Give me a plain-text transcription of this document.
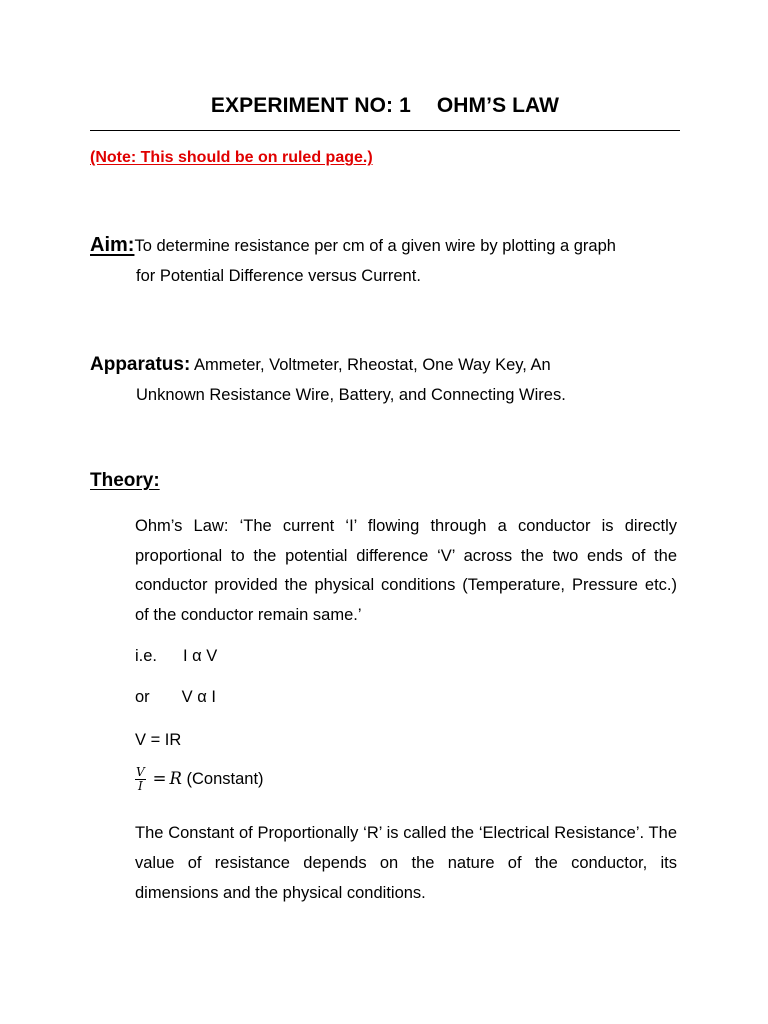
EXPERIMENT NO: 1 OHM’S LAW
(Note: This should be on ruled page.)
Aim:To determine resistance per cm of a given wire by plotting a graph
for Potential Difference versus Current.
Apparatus: Ammeter, Voltmeter, Rheostat, One Way Key, An
Unknown Resistance Wire, Battery, and Connecting Wires.
Theory:
Ohm’s Law: ‘The current ‘I’ flowing through a conductor is directly proportional to the potential difference ‘V’ across the two ends of the conductor provided the physical conditions (Temperature, Pressure etc.) of the conductor remain same.’
i.e. I α V
or V α I
V = IR
$\frac{V}{I} = R$ (Constant)
The Constant of Proportionally ‘R’ is called the ‘Electrical Resistance’. The value of resistance depends on the nature of the conductor, its dimensions and the physical conditions.
